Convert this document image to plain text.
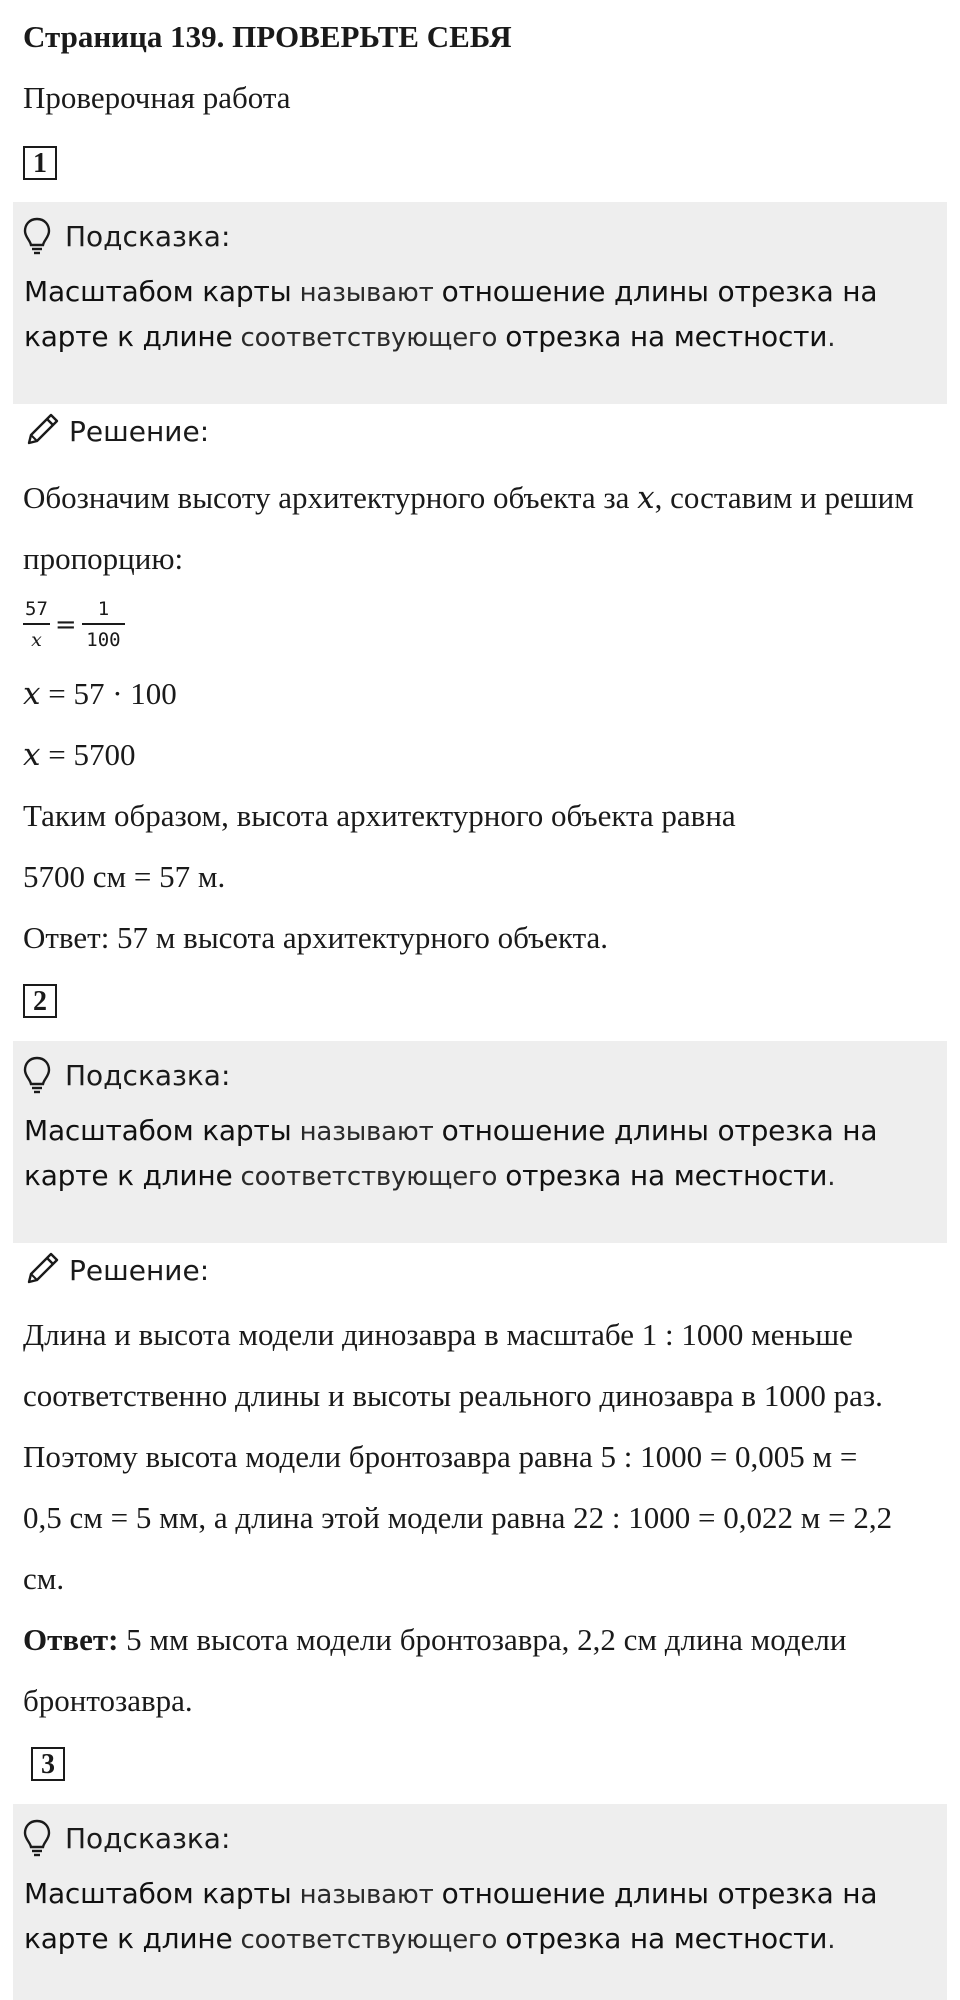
Страница 139. ПРОВЕРЬТЕ СЕБЯ
Проверочная работа
1
Подсказка:
Масштабом карты называют отношение длины отрезка на карте к длине соответствующего отрезка на местности.
Решение:
Обозначим высоту архитектурного объекта за 𝑥, составим и решим пропорцию:
57
𝑥
= $\frac{1}{100}$
𝑥 = 57 · 100
𝑥 = 5700
Таким образом, высота архитектурного объекта равна
5700 см = 57 м.
Ответ: 57 м высота архитектурного объекта.
2
Подсказка:
Масштабом карты называют отношение длины отрезка на карте к длине соответствующего отрезка на местности.
Решение:
Длина и высота модели динозавра в масштабе 1 : 1000 меньше соответственно длины и высоты реального динозавра в 1000 раз. Поэтому высота модели бронтозавра равна 5 : 1000 = 0,005 м = 0,5 см = 5 мм, а длина этой модели равна 22 : 1000 = 0,022 м = 2,2 см.
Ответ: 5 мм высота модели бронтозавра, 2,2 см длина модели бронтозавра.
3
Подсказка:
Масштабом карты называют отношение длины отрезка на карте к длине соответствующего отрезка на местности.
